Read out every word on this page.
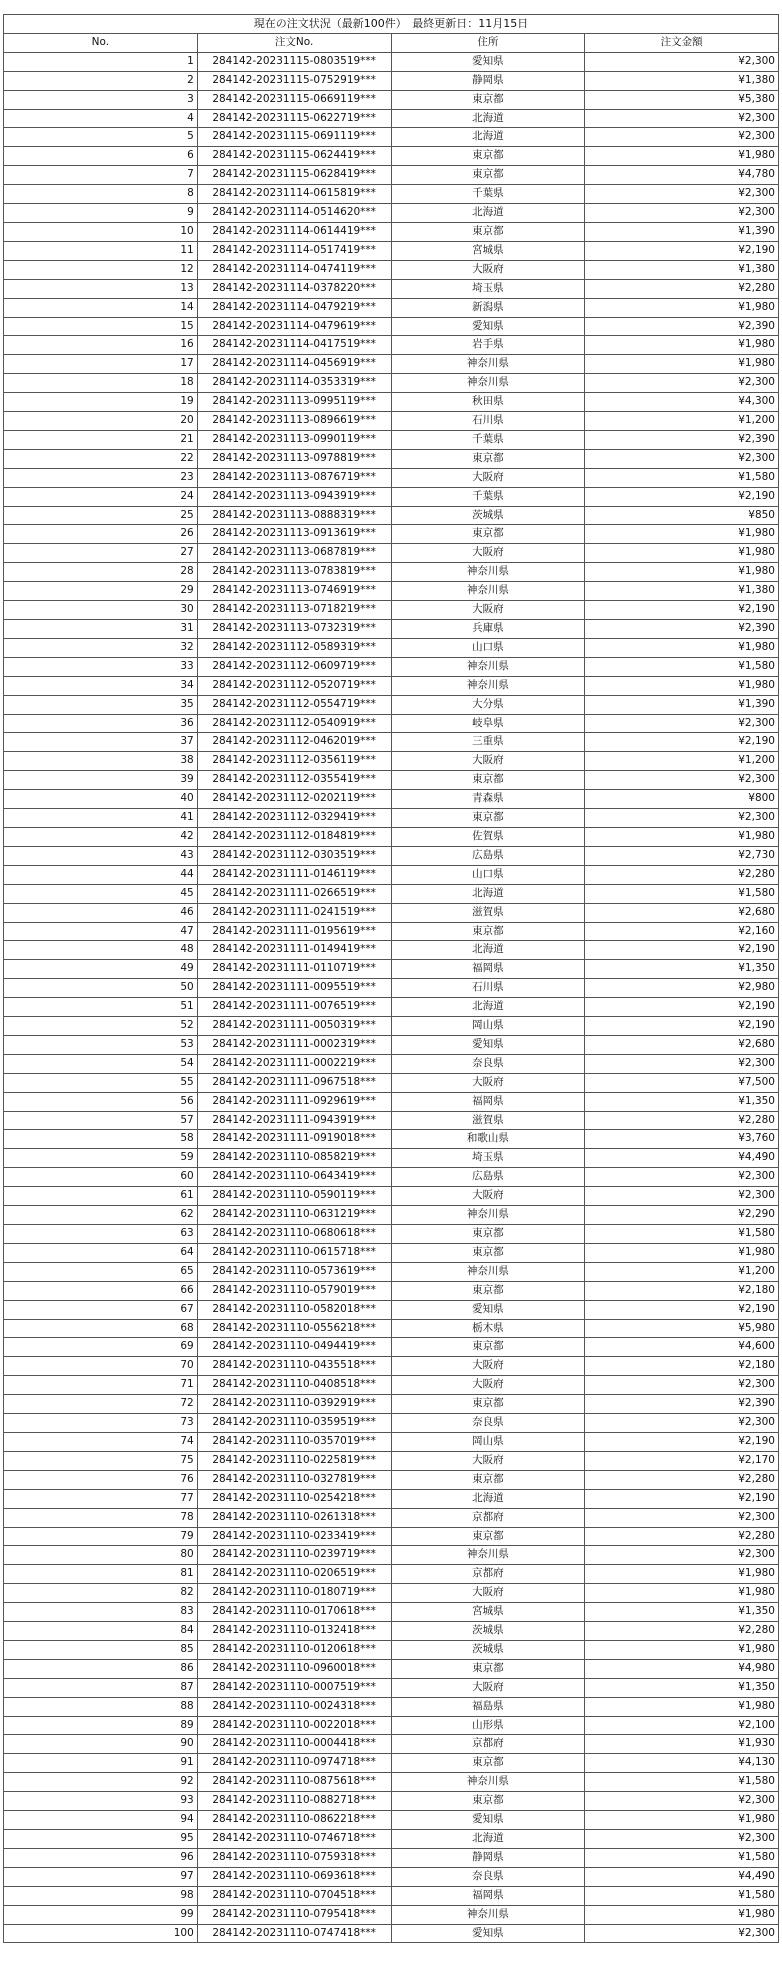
現在の注文状況（最新100件）　最終更新日：11月15日			
No.	注文No.	住所	注文金額
1	284142-20231115-0803519***	愛知県	¥2,300
2	284142-20231115-0752919***	静岡県	¥1,380
3	284142-20231115-0669119***	東京都	¥5,380
4	284142-20231115-0622719***	北海道	¥2,300
5	284142-20231115-0691119***	北海道	¥2,300
6	284142-20231115-0624419***	東京都	¥1,980
7	284142-20231115-0628419***	東京都	¥4,780
8	284142-20231114-0615819***	千葉県	¥2,300
9	284142-20231114-0514620***	北海道	¥2,300
10	284142-20231114-0614419***	東京都	¥1,390
11	284142-20231114-0517419***	宮城県	¥2,190
12	284142-20231114-0474119***	大阪府	¥1,380
13	284142-20231114-0378220***	埼玉県	¥2,280
14	284142-20231114-0479219***	新潟県	¥1,980
15	284142-20231114-0479619***	愛知県	¥2,390
16	284142-20231114-0417519***	岩手県	¥1,980
17	284142-20231114-0456919***	神奈川県	¥1,980
18	284142-20231114-0353319***	神奈川県	¥2,300
19	284142-20231113-0995119***	秋田県	¥4,300
20	284142-20231113-0896619***	石川県	¥1,200
21	284142-20231113-0990119***	千葉県	¥2,390
22	284142-20231113-0978819***	東京都	¥2,300
23	284142-20231113-0876719***	大阪府	¥1,580
24	284142-20231113-0943919***	千葉県	¥2,190
25	284142-20231113-0888319***	茨城県	¥850
26	284142-20231113-0913619***	東京都	¥1,980
27	284142-20231113-0687819***	大阪府	¥1,980
28	284142-20231113-0783819***	神奈川県	¥1,980
29	284142-20231113-0746919***	神奈川県	¥1,380
30	284142-20231113-0718219***	大阪府	¥2,190
31	284142-20231113-0732319***	兵庫県	¥2,390
32	284142-20231112-0589319***	山口県	¥1,980
33	284142-20231112-0609719***	神奈川県	¥1,580
34	284142-20231112-0520719***	神奈川県	¥1,980
35	284142-20231112-0554719***	大分県	¥1,390
36	284142-20231112-0540919***	岐阜県	¥2,300
37	284142-20231112-0462019***	三重県	¥2,190
38	284142-20231112-0356119***	大阪府	¥1,200
39	284142-20231112-0355419***	東京都	¥2,300
40	284142-20231112-0202119***	青森県	¥800
41	284142-20231112-0329419***	東京都	¥2,300
42	284142-20231112-0184819***	佐賀県	¥1,980
43	284142-20231112-0303519***	広島県	¥2,730
44	284142-20231111-0146119***	山口県	¥2,280
45	284142-20231111-0266519***	北海道	¥1,580
46	284142-20231111-0241519***	滋賀県	¥2,680
47	284142-20231111-0195619***	東京都	¥2,160
48	284142-20231111-0149419***	北海道	¥2,190
49	284142-20231111-0110719***	福岡県	¥1,350
50	284142-20231111-0095519***	石川県	¥2,980
51	284142-20231111-0076519***	北海道	¥2,190
52	284142-20231111-0050319***	岡山県	¥2,190
53	284142-20231111-0002319***	愛知県	¥2,680
54	284142-20231111-0002219***	奈良県	¥2,300
55	284142-20231111-0967518***	大阪府	¥7,500
56	284142-20231111-0929619***	福岡県	¥1,350
57	284142-20231111-0943919***	滋賀県	¥2,280
58	284142-20231111-0919018***	和歌山県	¥3,760
59	284142-20231110-0858219***	埼玉県	¥4,490
60	284142-20231110-0643419***	広島県	¥2,300
61	284142-20231110-0590119***	大阪府	¥2,300
62	284142-20231110-0631219***	神奈川県	¥2,290
63	284142-20231110-0680618***	東京都	¥1,580
64	284142-20231110-0615718***	東京都	¥1,980
65	284142-20231110-0573619***	神奈川県	¥1,200
66	284142-20231110-0579019***	東京都	¥2,180
67	284142-20231110-0582018***	愛知県	¥2,190
68	284142-20231110-0556218***	栃木県	¥5,980
69	284142-20231110-0494419***	東京都	¥4,600
70	284142-20231110-0435518***	大阪府	¥2,180
71	284142-20231110-0408518***	大阪府	¥2,300
72	284142-20231110-0392919***	東京都	¥2,390
73	284142-20231110-0359519***	奈良県	¥2,300
74	284142-20231110-0357019***	岡山県	¥2,190
75	284142-20231110-0225819***	大阪府	¥2,170
76	284142-20231110-0327819***	東京都	¥2,280
77	284142-20231110-0254218***	北海道	¥2,190
78	284142-20231110-0261318***	京都府	¥2,300
79	284142-20231110-0233419***	東京都	¥2,280
80	284142-20231110-0239719***	神奈川県	¥2,300
81	284142-20231110-0206519***	京都府	¥1,980
82	284142-20231110-0180719***	大阪府	¥1,980
83	284142-20231110-0170618***	宮城県	¥1,350
84	284142-20231110-0132418***	茨城県	¥2,280
85	284142-20231110-0120618***	茨城県	¥1,980
86	284142-20231110-0960018***	東京都	¥4,980
87	284142-20231110-0007519***	大阪府	¥1,350
88	284142-20231110-0024318***	福島県	¥1,980
89	284142-20231110-0022018***	山形県	¥2,100
90	284142-20231110-0004418***	京都府	¥1,930
91	284142-20231110-0974718***	東京都	¥4,130
92	284142-20231110-0875618***	神奈川県	¥1,580
93	284142-20231110-0882718***	東京都	¥2,300
94	284142-20231110-0862218***	愛知県	¥1,980
95	284142-20231110-0746718***	北海道	¥2,300
96	284142-20231110-0759318***	静岡県	¥1,580
97	284142-20231110-0693618***	奈良県	¥4,490
98	284142-20231110-0704518***	福岡県	¥1,580
99	284142-20231110-0795418***	神奈川県	¥1,980
100	284142-20231110-0747418***	愛知県	¥2,300
